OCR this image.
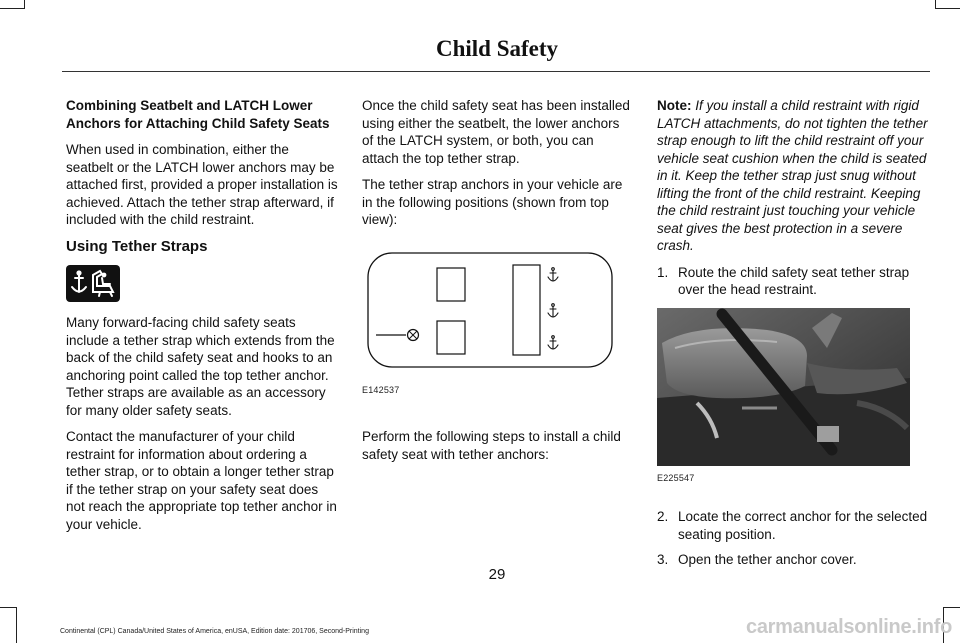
Child Safety

Combining Seatbelt and LATCH Lower Anchors for Attaching Child Safety Seats

When used in combination, either the seatbelt or the LATCH lower anchors may be attached first, provided a proper installation is achieved. Attach the tether strap afterward, if included with the child restraint.

Using Tether Straps

Many forward-facing child safety seats include a tether strap which extends from the back of the child safety seat and hooks to an anchoring point called the top tether anchor. Tether straps are available as an accessory for many older safety seats.

Contact the manufacturer of your child restraint for information about ordering a tether strap, or to obtain a longer tether strap if the tether strap on your safety seat does not reach the appropriate top tether anchor in your vehicle.

Once the child safety seat has been installed using either the seatbelt, the lower anchors of the LATCH system, or both, you can attach the top tether strap.

The tether strap anchors in your vehicle are in the following positions (shown from top view):

E142537

Perform the following steps to install a child safety seat with tether anchors:

Note: If you install a child restraint with rigid LATCH attachments, do not tighten the tether strap enough to lift the child restraint off your vehicle seat cushion when the child is seated in it. Keep the tether strap just snug without lifting the front of the child restraint. Keeping the child restraint just touching your vehicle seat gives the best protection in a severe crash.

1. Route the child safety seat tether strap over the head restraint.
E225547
2. Locate the correct anchor for the selected seating position.
3. Open the tether anchor cover.
29
Continental (CPL) Canada/United States of America, enUSA, Edition date: 201706, Second-Printing	carmanualsonline.info
